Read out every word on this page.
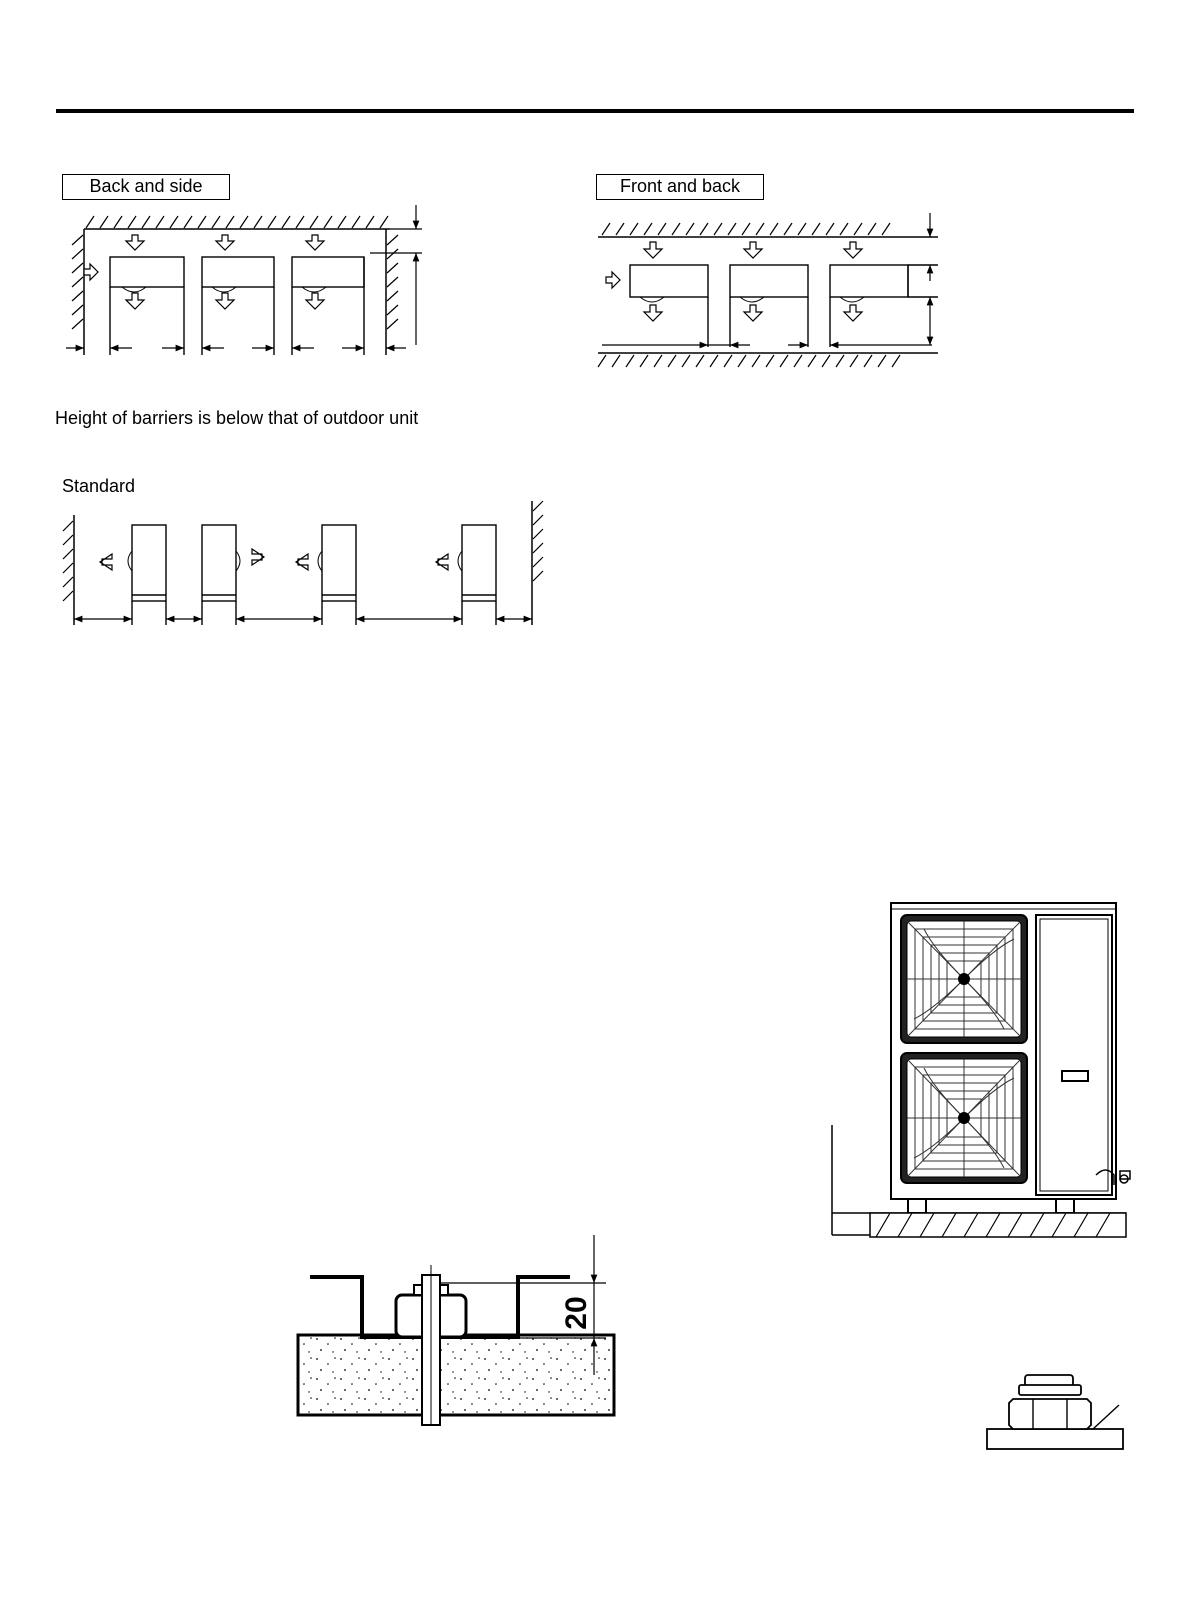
Back and side	Front and back
Height of barriers is below that of outdoor unit
Standard
20
